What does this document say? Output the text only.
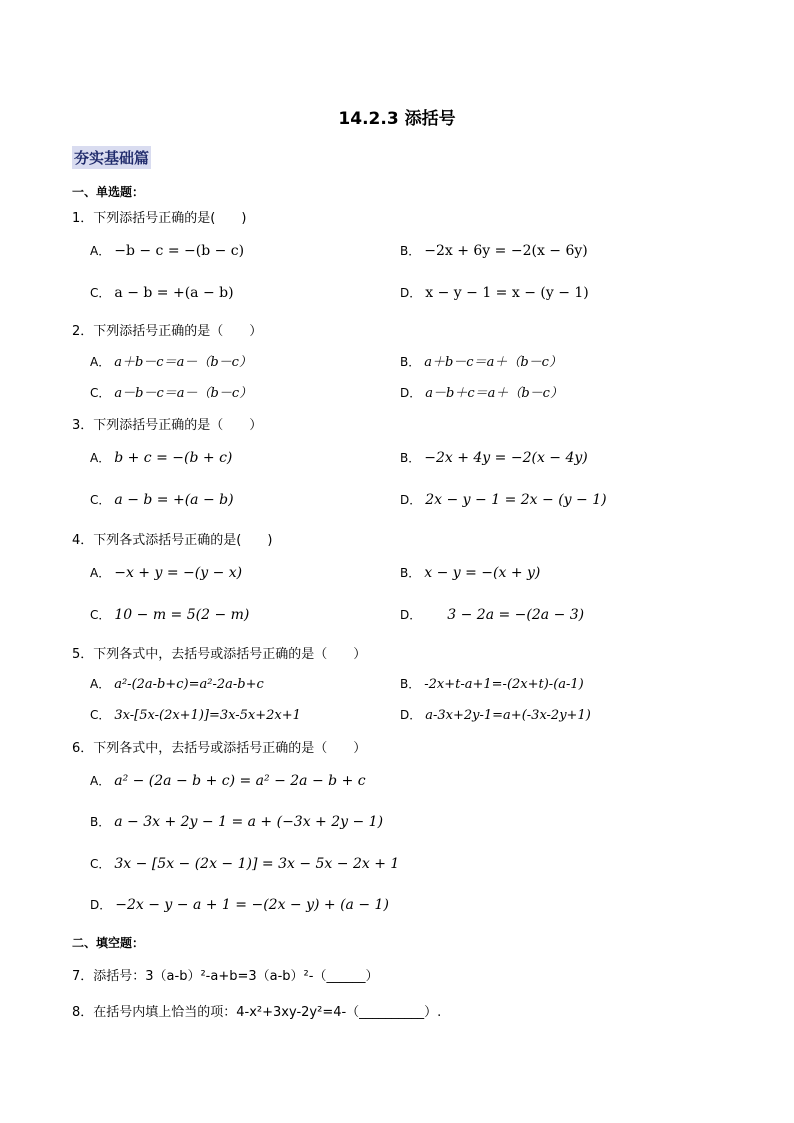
14.2.3 添括号
夯实基础篇
一、单选题：
1．下列添括号正确的是(　　)
A． −b − c = −(b − c)	B． −2x + 6y = −2(x − 6y)
C． a − b = +(a − b)	D． x − y − 1 = x − (y − 1)
2．下列添括号正确的是（　　）
A． a＋b－c＝a－（b－c）	B． a＋b－c＝a＋（b－c）
C． a－b－c＝a－（b－c）	D． a－b＋c＝a＋（b－c）
3．下列添括号正确的是（　　）
A． b + c = −(b + c)	B． −2x + 4y = −2(x − 4y)
C． a − b = +(a − b)	D． 2x − y − 1 = 2x − (y − 1)
4．下列各式添括号正确的是(　　)
A． −x + y = −(y − x)	B． x − y = −(x + y)
C． 10 − m = 5(2 − m)	D． 3 − 2a = −(2a − 3)
5．下列各式中，去括号或添括号正确的是（　　）
A． a²-(2a-b+c)=a²-2a-b+c	B． -2x+t-a+1=-(2x+t)-(a-1)
C． 3x-[5x-(2x+1)]=3x-5x+2x+1	D． a-3x+2y-1=a+(-3x-2y+1)
6．下列各式中，去括号或添括号正确的是（　　）
A． a² − (2a − b + c) = a² − 2a − b + c
B． a − 3x + 2y − 1 = a + (−3x + 2y − 1)
C． 3x − [5x − (2x − 1)] = 3x − 5x − 2x + 1
D． −2x − y − a + 1 = −(2x − y) + (a − 1)
二、填空题：
7．添括号：3（a-b）²-a+b=3（a-b）²-（______）
8．在括号内填上恰当的项：4-x²+3xy-2y²=4-（__________）.
